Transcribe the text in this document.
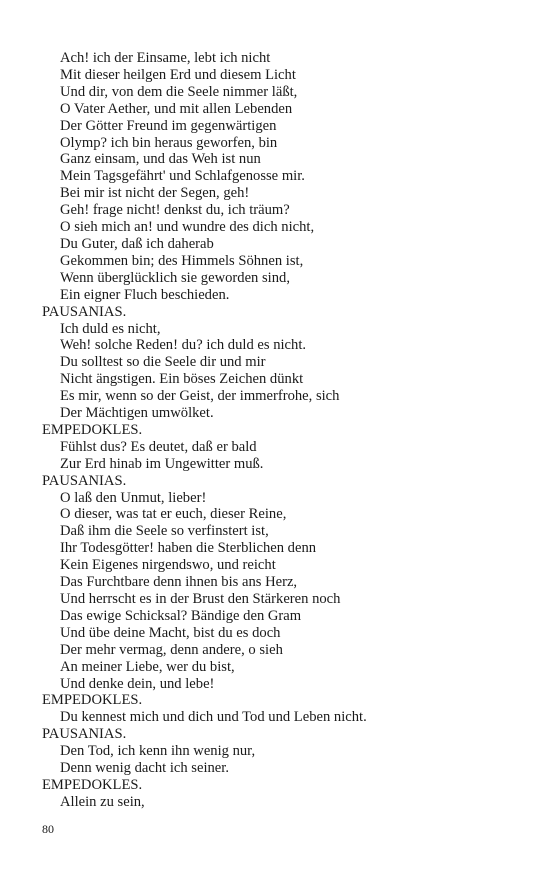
Ach! ich der Einsame, lebt ich nicht
Mit dieser heilgen Erd und diesem Licht
Und dir, von dem die Seele nimmer läßt,
O Vater Aether, und mit allen Lebenden
Der Götter Freund im gegenwärtigen
Olymp? ich bin heraus geworfen, bin
Ganz einsam, und das Weh ist nun
Mein Tagsgefährt' und Schlafgenosse mir.
Bei mir ist nicht der Segen, geh!
Geh! frage nicht! denkst du, ich träum?
O sieh mich an! und wundre des dich nicht,
Du Guter, daß ich daherab
Gekommen bin; des Himmels Söhnen ist,
Wenn überglücklich sie geworden sind,
Ein eigner Fluch beschieden.
PAUSANIAS.
Ich duld es nicht,
Weh! solche Reden! du? ich duld es nicht.
Du solltest so die Seele dir und mir
Nicht ängstigen. Ein böses Zeichen dünkt
Es mir, wenn so der Geist, der immerfrohe, sich
Der Mächtigen umwölket.
EMPEDOKLES.
Fühlst dus? Es deutet, daß er bald
Zur Erd hinab im Ungewitter muß.
PAUSANIAS.
O laß den Unmut, lieber!
O dieser, was tat er euch, dieser Reine,
Daß ihm die Seele so verfinstert ist,
Ihr Todesgötter! haben die Sterblichen denn
Kein Eigenes nirgendswo, und reicht
Das Furchtbare denn ihnen bis ans Herz,
Und herrscht es in der Brust den Stärkeren noch
Das ewige Schicksal? Bändige den Gram
Und übe deine Macht, bist du es doch
Der mehr vermag, denn andere, o sieh
An meiner Liebe, wer du bist,
Und denke dein, und lebe!
EMPEDOKLES.
Du kennest mich und dich und Tod und Leben nicht.
PAUSANIAS.
Den Tod, ich kenn ihn wenig nur,
Denn wenig dacht ich seiner.
EMPEDOKLES.
Allein zu sein,
80
